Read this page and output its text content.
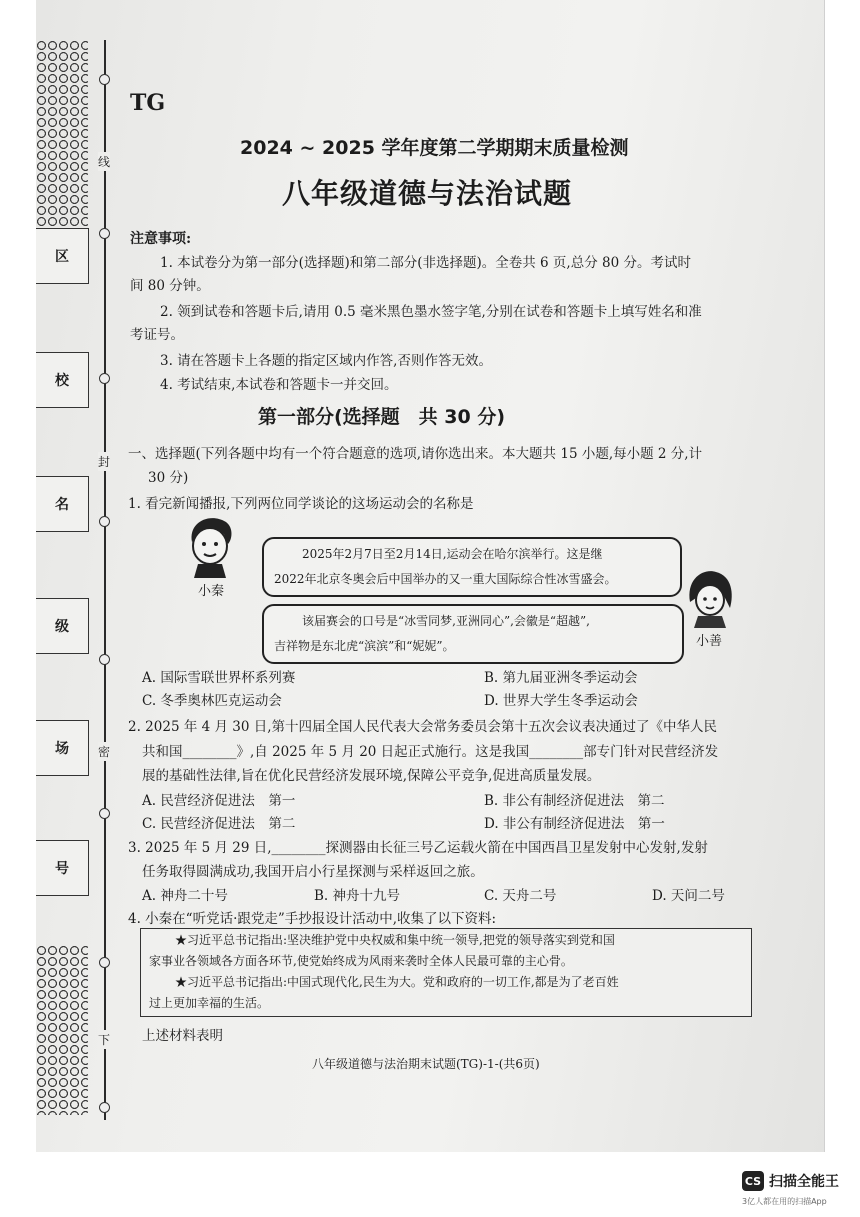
线
封
密
下
区
校
名
级
场
号
TG
2024 ~ 2025 学年度第二学期期末质量检测
八年级道德与法治试题
注意事项:
1. 本试卷分为第一部分(选择题)和第二部分(非选择题)。全卷共 6 页,总分 80 分。考试时
间 80 分钟。
2. 领到试卷和答题卡后,请用 0.5 毫米黑色墨水签字笔,分别在试卷和答题卡上填写姓名和准
考证号。
3. 请在答题卡上各题的指定区域内作答,否则作答无效。
4. 考试结束,本试卷和答题卡一并交回。
第一部分(选择题　共 30 分)
一、选择题(下列各题中均有一个符合题意的选项,请你选出来。本大题共 15 小题,每小题 2 分,计
30 分)
1. 看完新闻播报,下列两位同学谈论的这场运动会的名称是
小秦
2025年2月7日至2月14日,运动会在哈尔滨举行。这是继
2022年北京冬奥会后中国举办的又一重大国际综合性冰雪盛会。
小善
该届赛会的口号是“冰雪同梦,亚洲同心”,会徽是“超越”,
吉祥物是东北虎“滨滨”和“妮妮”。
A. 国际雪联世界杯系列赛	B. 第九届亚洲冬季运动会
C. 冬季奥林匹克运动会	D. 世界大学生冬季运动会
2. 2025 年 4 月 30 日,第十四届全国人民代表大会常务委员会第十五次会议表决通过了《中华人民
共和国________》,自 2025 年 5 月 20 日起正式施行。这是我国________部专门针对民营经济发
展的基础性法律,旨在优化民营经济发展环境,保障公平竞争,促进高质量发展。
A. 民营经济促进法　第一	B. 非公有制经济促进法　第二
C. 民营经济促进法　第二	D. 非公有制经济促进法　第一
3. 2025 年 5 月 29 日,________探测器由长征三号乙运载火箭在中国西昌卫星发射中心发射,发射
任务取得圆满成功,我国开启小行星探测与采样返回之旅。
A. 神舟二十号	B. 神舟十九号	C. 天舟二号	D. 天问二号
4. 小秦在“听党话·跟党走”手抄报设计活动中,收集了以下资料:
★习近平总书记指出:坚决维护党中央权威和集中统一领导,把党的领导落实到党和国
家事业各领域各方面各环节,使党始终成为风雨来袭时全体人民最可靠的主心骨。
★习近平总书记指出:中国式现代化,民生为大。党和政府的一切工作,都是为了老百姓
过上更加幸福的生活。
上述材料表明
八年级道德与法治期末试题(TG)-1-(共6页)
CS 扫描全能王
3亿人都在用的扫描App
